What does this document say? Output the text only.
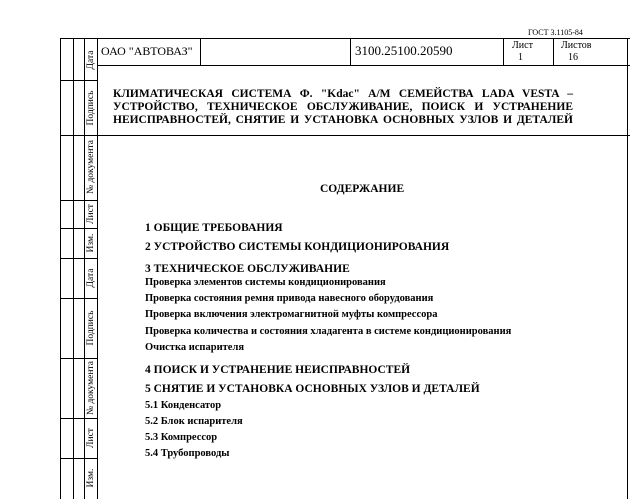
ГОСТ 3.1105-84
ОАО "АВТОВАЗ"	3100.25100.20590	Лист
1
Листов
16
Дата
Подпись
№ документа
Лист
Изм.
Дата
Подпись
№ документа
Лист
Изм.
КЛИМАТИЧЕСКАЯ СИСТЕМА Ф. "Kdac" А/М СЕМЕЙСТВА LADA VESTA – УСТРОЙСТВО, ТЕХНИЧЕСКОЕ ОБСЛУЖИВАНИЕ, ПОИСК И УСТРАНЕНИЕ НЕИСПРАВНОСТЕЙ, СНЯТИЕ И УСТАНОВКА ОСНОВНЫХ УЗЛОВ И ДЕТАЛЕЙ
СОДЕРЖАНИЕ
1 ОБЩИЕ ТРЕБОВАНИЯ
2 УСТРОЙСТВО СИСТЕМЫ КОНДИЦИОНИРОВАНИЯ
3 ТЕХНИЧЕСКОЕ ОБСЛУЖИВАНИЕ
Проверка элементов системы кондиционирования
Проверка состояния ремня привода навесного оборудования
Проверка включения электромагнитной муфты компрессора
Проверка количества и состояния хладагента в системе кондиционирования
Очистка испарителя
4 ПОИСК И УСТРАНЕНИЕ НЕИСПРАВНОСТЕЙ
5 СНЯТИЕ И УСТАНОВКА ОСНОВНЫХ УЗЛОВ И ДЕТАЛЕЙ
5.1 Конденсатор
5.2 Блок испарителя
5.3 Компрессор
5.4 Трубопроводы
